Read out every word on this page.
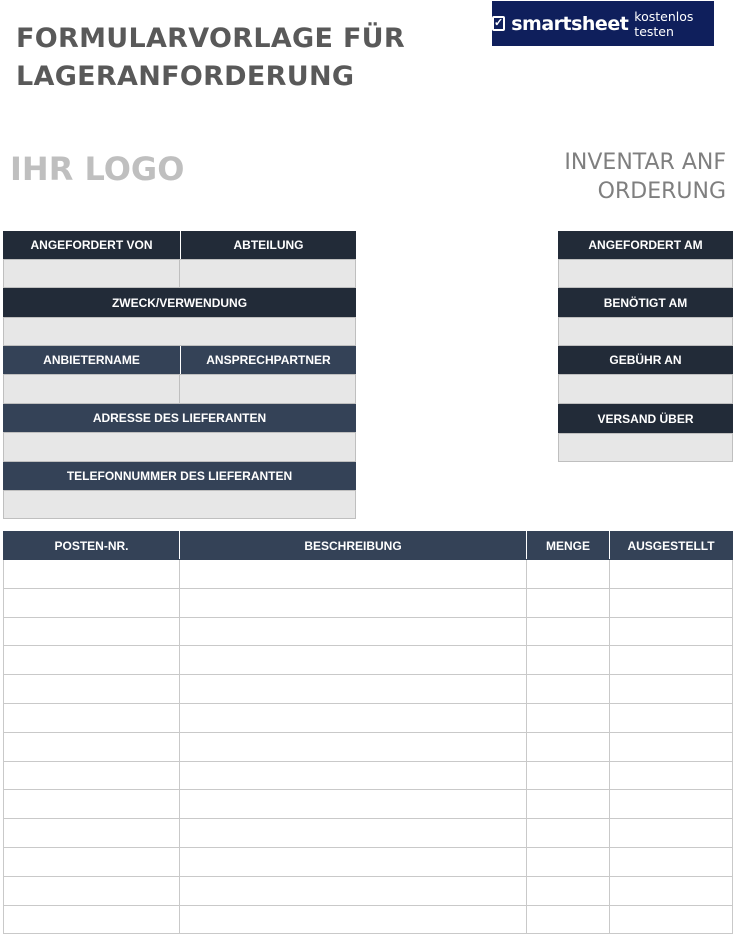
FORMULARVORLAGE FÜR
LAGERANFORDERUNG
✓ smartsheet kostenlos testen
IHR LOGO	INVENTAR ANFORDERUNG
ANGEFORDERT VON	ABTEILUNG
ZWECK/VERWENDUNG
ANBIETERNAME	ANSPRECHPARTNER
ADRESSE DES LIEFERANTEN
TELEFONNUMMER DES LIEFERANTEN
ANGEFORDERT AM
BENÖTIGT AM
GEBÜHR AN
VERSAND ÜBER
POSTEN-NR.	BESCHREIBUNG	MENGE	AUSGESTELLT
